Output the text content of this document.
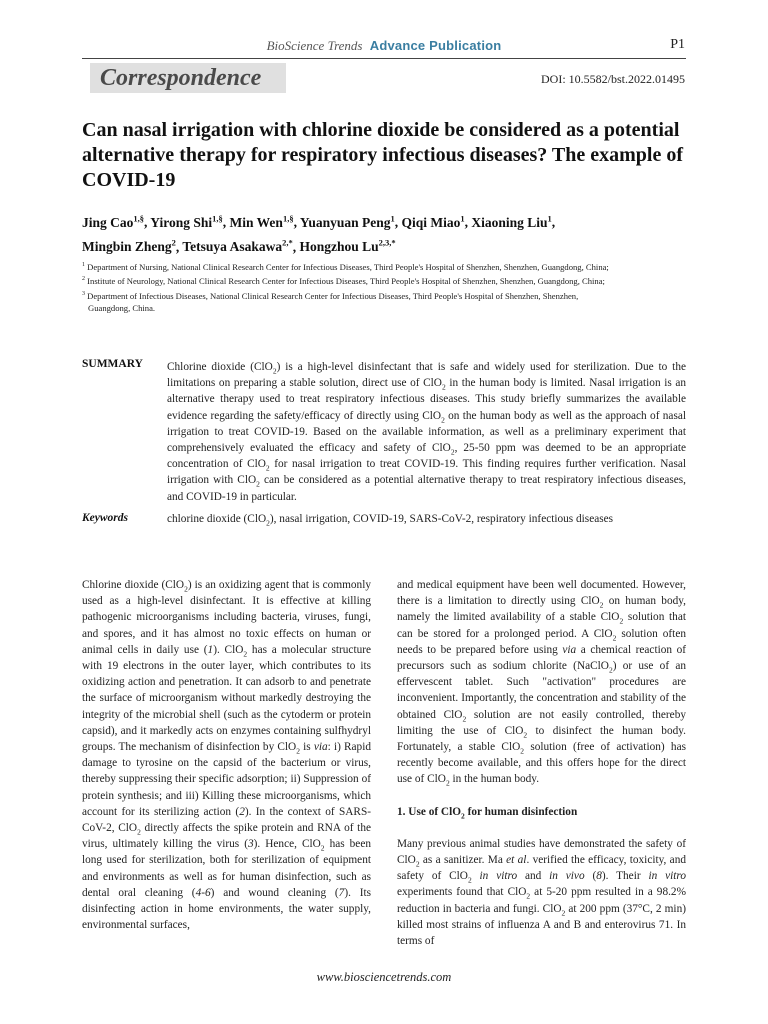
BioScience Trends Advance Publication	P1
Correspondence	DOI: 10.5582/bst.2022.01495
Can nasal irrigation with chlorine dioxide be considered as a potential alternative therapy for respiratory infectious diseases? The example of COVID-19
Jing Cao$^{1,\S}$, Yirong Shi$^{1,\S}$, Min Wen$^{1,\S}$, Yuanyuan Peng$^1$, Qiqi Miao$^1$, Xiaoning Liu$^1$,
Mingbin Zheng$^2$, Tetsuya Asakawa$^{2,*}$, Hongzhou $Lu^{2,3,*}$

$^1$ Department of Nursing, National Clinical Research Center for Infectious Diseases, Third People's Hospital of Shenzhen, Shenzhen, Guangdong, China;

$^2$ Institute of Neurology, National Clinical Research Center for Infectious Diseases, Third People's Hospital of Shenzhen, Shenzhen, Guangdong, China;

$^3$ Department of Infectious Diseases, National Clinical Research Center for Infectious Diseases, Third People's Hospital of Shenzhen, Shenzhen,
Guangdong, China.

SUMMARY Chlorine dioxide (ClO$_2$) is a high-level disinfectant that is safe and widely used for sterilization. Due to the limitations on preparing a stable solution, direct use of ClO$_2$ in the human body is limited. Nasal irrigation is an alternative therapy used to treat respiratory infectious diseases. This study briefly summarizes the available evidence regarding the safety/efficacy of directly using ClO$_2$ on the human body as well as the approach of nasal irrigation to treat COVID-19. Based on the available information, as well as a preliminary experiment that comprehensively evaluated the efficacy and safety of ClO$_2$, 25-50 ppm was deemed to be an appropriate concentration of ClO$_2$ for nasal irrigation to treat COVID-19. This finding requires further verification. Nasal irrigation with ClO$_2$ can be considered as a potential alternative therapy to treat respiratory infectious diseases, and COVID-19 in particular.
Keywords	chlorine dioxide (ClO$_2$), nasal irrigation, COVID-19, SARS-CoV-2, respiratory infectious diseases

Chlorine dioxide (ClO$_2$) is an oxidizing agent that is commonly used as a high-level disinfectant. It is effective at killing pathogenic microorganisms including bacteria, viruses, fungi, and spores, and it has almost no toxic effects on human or animal cells in daily use (1). ClO$_2$ has a molecular structure with 19 electrons in the outer layer, which contributes to its oxidizing action and penetration. It can adsorb to and penetrate the surface of microorganism without markedly destroying the integrity of the microbial shell (such as the cytoderm or protein capsid), and it markedly acts on enzymes containing sulfhydryl groups. The mechanism of disinfection by ClO$_2$ is via: i) Rapid damage to tyrosine on the capsid of the bacterium or virus, thereby suppressing their specific adsorption; ii) Suppression of protein synthesis; and iii) Killing these microorganisms, which account for its sterilizing action (2). In the context of SARS-CoV-2, ClO$_2$ directly affects the spike protein and RNA of the virus, ultimately killing the virus (3). Hence, ClO$_2$ has been long used for sterilization, both for sterilization of equipment and environments as well as for human disinfection, such as dental oral cleaning (4-6) and wound cleaning (7). Its disinfecting action in home environments, the water supply, environmental surfaces,

and medical equipment have been well documented. However, there is a limitation to directly using ClO$_2$ on human body, namely the limited availability of a stable ClO$_2$ solution that can be stored for a prolonged period. A ClO$_2$ solution often needs to be prepared before using via a chemical reaction of precursors such as sodium chlorite (NaClO$_2$) or use of an effervescent tablet. Such "activation" procedures are inconvenient. Importantly, the concentration and stability of the obtained ClO$_2$ solution are not easily controlled, thereby limiting the use of ClO$_2$ to disinfect the human body. Fortunately, a stable ClO$_2$ solution (free of activation) has recently become available, and this offers hope for the direct use of ClO$_2$ in the human body.

1. Use of ClO$_2$ for human disinfection

Many previous animal studies have demonstrated the safety of ClO$_2$ as a sanitizer. Ma et al. verified the efficacy, toxicity, and safety of ClO$_2$ in vitro and in vivo (8). Their in vitro experiments found that ClO$_2$ at 5-20 ppm resulted in a 98.2% reduction in bacteria and fungi. ClO$_2$ at 200 ppm (37°C, 2 min) killed most strains of influenza A and B and enterovirus 71. In terms of

www.biosciencetrends.com
